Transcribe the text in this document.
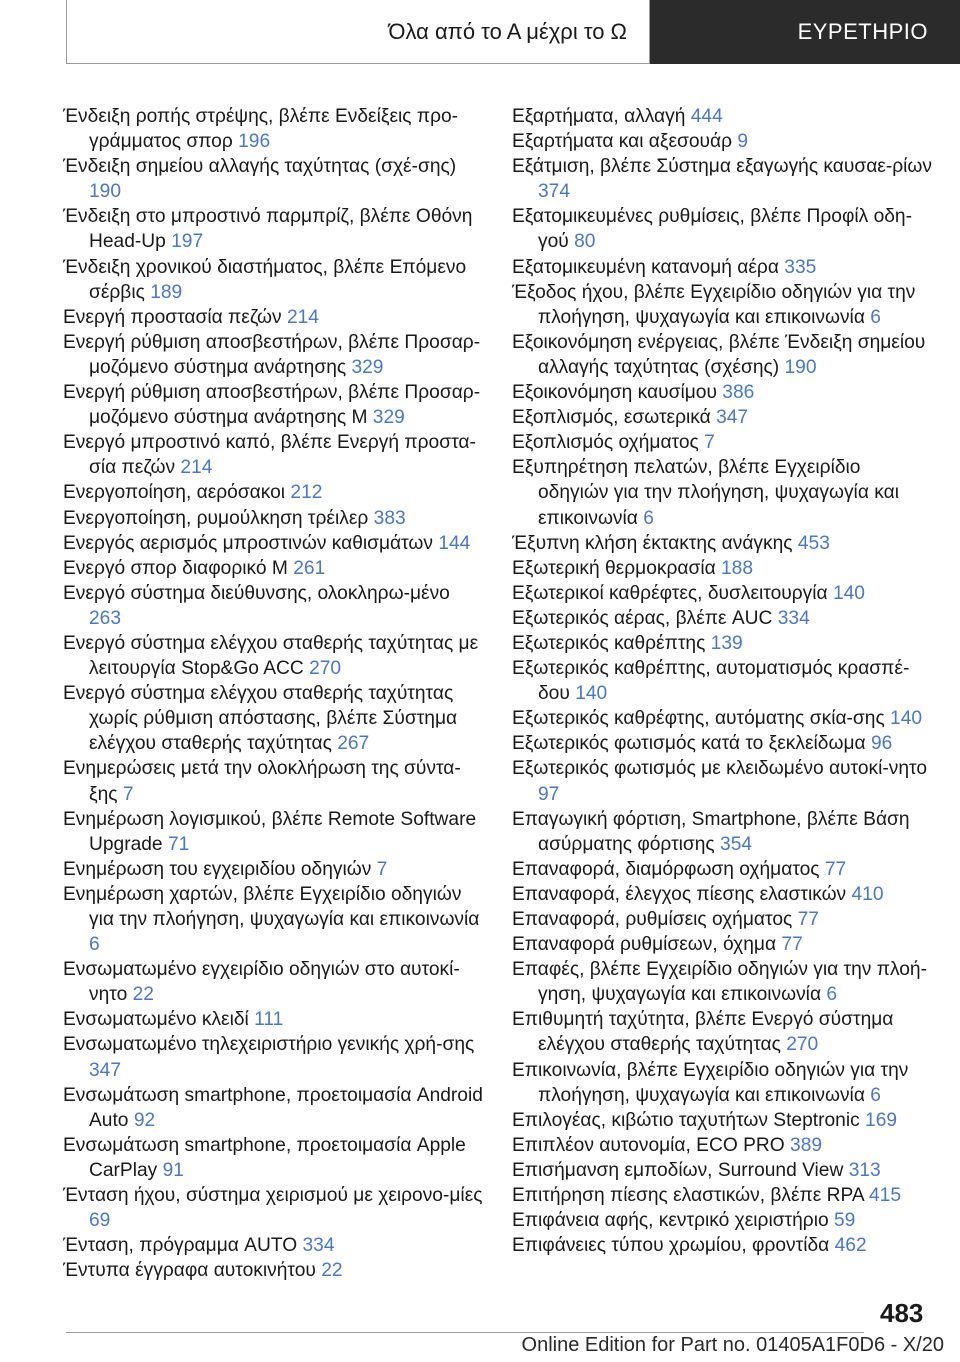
Όλα από το Α μέχρι το Ω	ΕΥΡΕΤΗΡΙΟ

Ένδειξη ροπής στρέψης, βλέπε Ενδείξεις προ‐γράμματος σπορ 196

Ένδειξη σημείου αλλαγής ταχύτητας (σχέ‐σης) 190

Ένδειξη στο μπροστινό παρμπρίζ, βλέπε Οθόνη Head-Up 197

Ένδειξη χρονικού διαστήματος, βλέπε Επόμενο σέρβις 189

Ενεργή προστασία πεζών 214

Ενεργή ρύθμιση αποσβεστήρων, βλέπε Προσαρ‐μοζόμενο σύστημα ανάρτησης 329

Ενεργή ρύθμιση αποσβεστήρων, βλέπε Προσαρ‐μοζόμενο σύστημα ανάρτησης M 329

Ενεργό μπροστινό καπό, βλέπε Ενεργή προστα‐σία πεζών 214

Ενεργοποίηση, αερόσακοι 212

Ενεργοποίηση, ρυμούλκηση τρέιλερ 383

Ενεργός αερισμός μπροστινών καθισμάτων 144

Ενεργό σπορ διαφορικό M 261

Ενεργό σύστημα διεύθυνσης, ολοκληρω‐μένο 263

Ενεργό σύστημα ελέγχου σταθερής ταχύτητας με λειτουργία Stop&Go ACC 270

Ενεργό σύστημα ελέγχου σταθερής ταχύτητας χωρίς ρύθμιση απόστασης, βλέπε Σύστημα ελέγχου σταθερής ταχύτητας 267

Ενημερώσεις μετά την ολοκλήρωση της σύντα‐ξης 7

Ενημέρωση λογισμικού, βλέπε Remote Software Upgrade 71

Ενημέρωση του εγχειριδίου οδηγιών 7

Ενημέρωση χαρτών, βλέπε Εγχειρίδιο οδηγιών για την πλοήγηση, ψυχαγωγία και επικοινωνία 6

Ενσωματωμένο εγχειρίδιο οδηγιών στο αυτοκί‐νητο 22

Ενσωματωμένο κλειδί 111

Ενσωματωμένο τηλεχειριστήριο γενικής χρή‐σης 347

Ενσωμάτωση smartphone, προετοιμασία Android Auto 92

Ενσωμάτωση smartphone, προετοιμασία Apple CarPlay 91

Ένταση ήχου, σύστημα χειρισμού με χειρονο‐μίες 69

Ένταση, πρόγραμμα AUTO 334

Έντυπα έγγραφα αυτοκινήτου 22

Εξαρτήματα, αλλαγή 444

Εξαρτήματα και αξεσουάρ 9

Εξάτμιση, βλέπε Σύστημα εξαγωγής καυσαε‐ρίων 374

Εξατομικευμένες ρυθμίσεις, βλέπε Προφίλ οδη‐γού 80

Εξατομικευμένη κατανομή αέρα 335

Έξοδος ήχου, βλέπε Εγχειρίδιο οδηγιών για την πλοήγηση, ψυχαγωγία και επικοινωνία 6

Εξοικονόμηση ενέργειας, βλέπε Ένδειξη σημείου αλλαγής ταχύτητας (σχέσης) 190

Εξοικονόμηση καυσίμου 386

Εξοπλισμός, εσωτερικά 347

Εξοπλισμός οχήματος 7

Εξυπηρέτηση πελατών, βλέπε Εγχειρίδιο οδηγιών για την πλοήγηση, ψυχαγωγία και επικοινωνία 6

Έξυπνη κλήση έκτακτης ανάγκης 453

Εξωτερική θερμοκρασία 188

Εξωτερικοί καθρέφτες, δυσλειτουργία 140

Εξωτερικός αέρας, βλέπε AUC 334

Εξωτερικός καθρέπτης 139

Εξωτερικός καθρέπτης, αυτοματισμός κρασπέ‐δου 140

Εξωτερικός καθρέφτης, αυτόματης σκία‐σης 140

Εξωτερικός φωτισμός κατά το ξεκλείδωμα 96

Εξωτερικός φωτισμός με κλειδωμένο αυτοκί‐νητο 97

Επαγωγική φόρτιση, Smartphone, βλέπε Βάση ασύρματης φόρτισης 354

Επαναφορά, διαμόρφωση οχήματος 77

Επαναφορά, έλεγχος πίεσης ελαστικών 410

Επαναφορά, ρυθμίσεις οχήματος 77

Επαναφορά ρυθμίσεων, όχημα 77

Επαφές, βλέπε Εγχειρίδιο οδηγιών για την πλοή‐γηση, ψυχαγωγία και επικοινωνία 6

Επιθυμητή ταχύτητα, βλέπε Ενεργό σύστημα ελέγχου σταθερής ταχύτητας 270

Επικοινωνία, βλέπε Εγχειρίδιο οδηγιών για την πλοήγηση, ψυχαγωγία και επικοινωνία 6

Επιλογέας, κιβώτιο ταχυτήτων Steptronic 169

Επιπλέον αυτονομία, ECO PRO 389

Επισήμανση εμποδίων, Surround View 313

Επιτήρηση πίεσης ελαστικών, βλέπε RPA 415

Επιφάνεια αφής, κεντρικό χειριστήριο 59

Επιφάνειες τύπου χρωμίου, φροντίδα 462

483
Online Edition for Part no. 01405A1F0D6 - X/20
